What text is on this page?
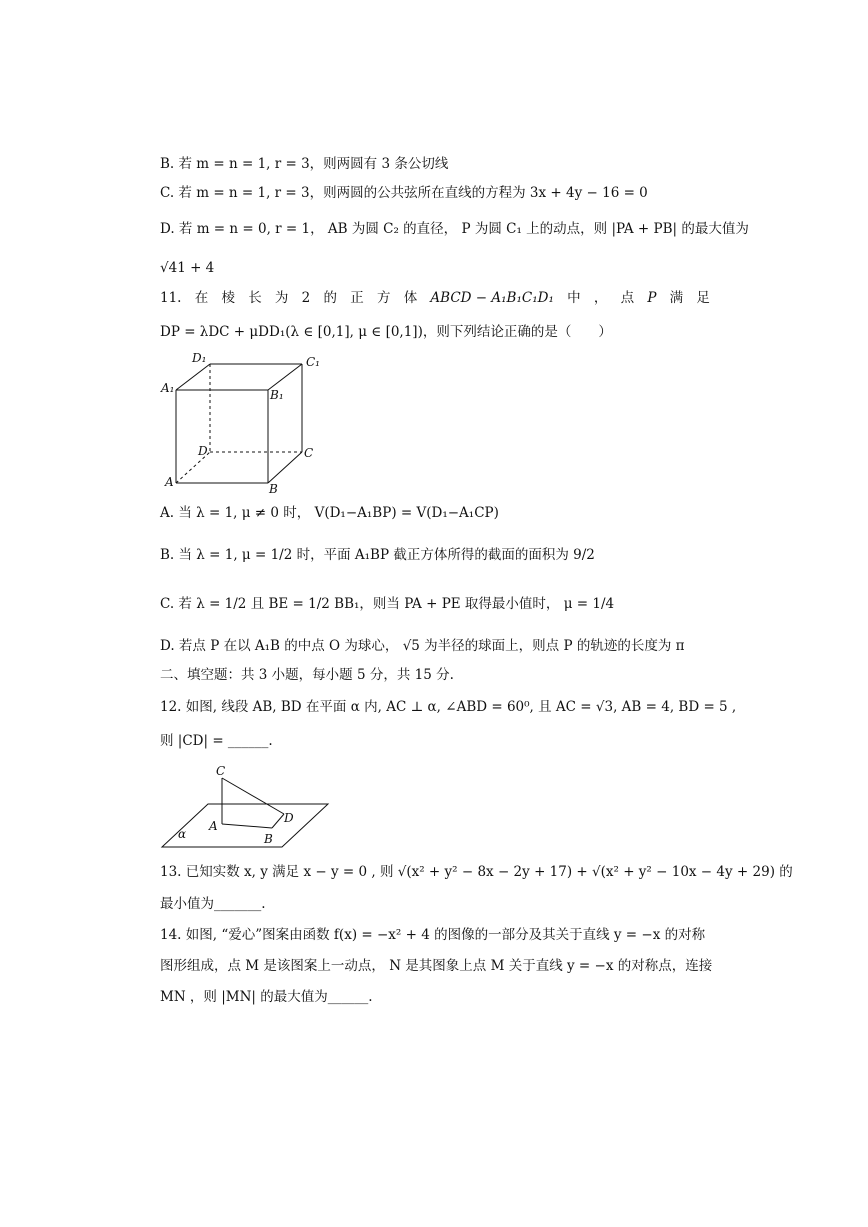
B. 若 m = n = 1, r = 3，则两圆有 3 条公切线
C. 若 m = n = 1, r = 3，则两圆的公共弦所在直线的方程为 3x + 4y − 16 = 0
D. 若 m = n = 0, r = 1， AB 为圆 C₂ 的直径， P 为圆 C₁ 上的动点，则 |PA + PB| 的最大值为
√41 + 4
11. 在 棱 长 为 2 的 正 方 体 ABCD − A₁B₁C₁D₁ 中 ， 点 P 满 足
DP = λDC + μDD₁(λ ∈ [0,1], μ ∈ [0,1])，则下列结论正确的是（　　）
D₁	C₁
A₁	B₁
D	C
A	B
A. 当 λ = 1, μ ≠ 0 时， V(D₁−A₁BP) = V(D₁−A₁CP)
B. 当 λ = 1, μ = 1/2 时，平面 A₁BP 截正方体所得的截面的面积为 9/2
C. 若 λ = 1/2 且 BE = 1/2 BB₁，则当 PA + PE 取得最小值时， μ = 1/4
D. 若点 P 在以 A₁B 的中点 O 为球心， √5 为半径的球面上，则点 P 的轨迹的长度为 π
二、填空题：共 3 小题，每小题 5 分，共 15 分.
12. 如图, 线段 AB, BD 在平面 α 内, AC ⊥ α, ∠ABD = 60⁰, 且 AC = √3, AB = 4, BD = 5 ,
则 |CD| = ______.
C
D
α
A
B
13. 已知实数 x, y 满足 x − y = 0 , 则 √(x² + y² − 8x − 2y + 17) + √(x² + y² − 10x − 4y + 29) 的
最小值为_______.
14. 如图, “爱心”图案由函数 f(x) = −x² + 4 的图像的一部分及其关于直线 y = −x 的对称
图形组成，点 M 是该图案上一动点， N 是其图象上点 M 关于直线 y = −x 的对称点，连接
MN ，则 |MN| 的最大值为______.
